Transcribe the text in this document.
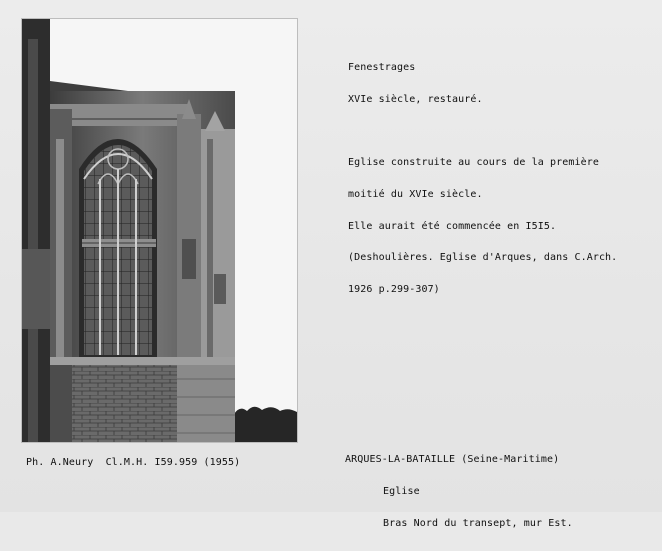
Fenestrages

XVIe siècle, restauré.

Eglise construite au cours de la première

moitié du XVIe siècle.

Elle aurait été commencée en I5I5.

(Deshoulières. Eglise d'Arques, dans C.Arch.

1926 p.299-307)

Ph. A.Neury  Cl.M.H. I59.959 (1955)

	ARQUES-LA-BATAILLE (Seine-Maritime)

Eglise

Bras Nord du transept, mur Est.
